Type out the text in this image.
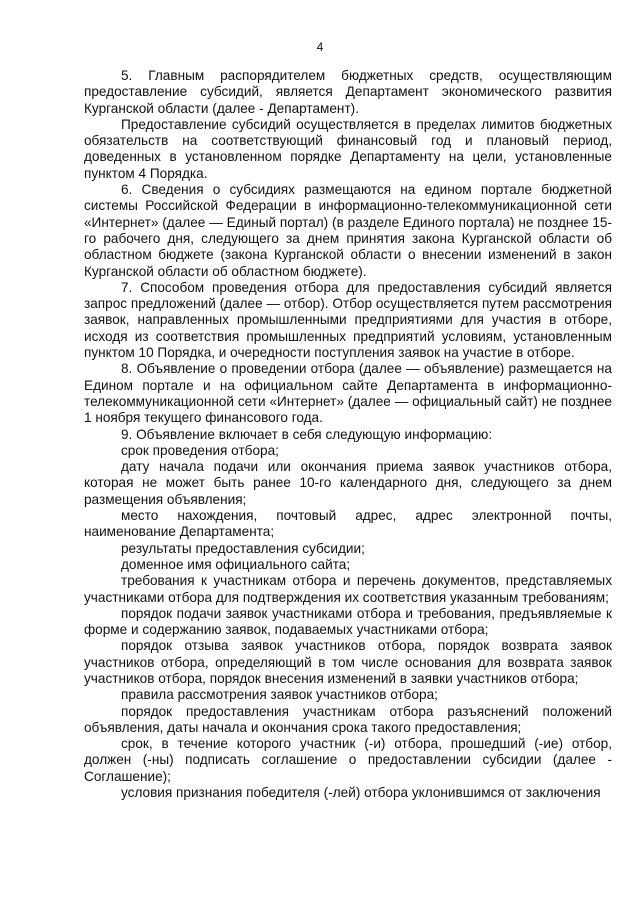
4

5. Главным распорядителем бюджетных средств, осуществляющим предоставление субсидий, является Департамент экономического развития Курганской области (далее - Департамент).

Предоставление субсидий осуществляется в пределах лимитов бюджетных обязательств на соответствующий финансовый год и плановый период, доведенных в установленном порядке Департаменту на цели, установленные пунктом 4 Порядка.

6. Сведения о субсидиях размещаются на едином портале бюджетной системы Российской Федерации в информационно-телекоммуникационной сети «Интернет» (далее — Единый портал) (в разделе Единого портала) не позднее 15-го рабочего дня, следующего за днем принятия закона Курганской области об областном бюджете (закона Курганской области о внесении изменений в закон Курганской области об областном бюджете).

7. Способом проведения отбора для предоставления субсидий является запрос предложений (далее — отбор). Отбор осуществляется путем рассмотрения заявок, направленных промышленными предприятиями для участия в отборе, исходя из соответствия промышленных предприятий условиям, установленным пунктом 10 Порядка, и очередности поступления заявок на участие в отборе.

8. Объявление о проведении отбора (далее — объявление) размещается на Едином портале и на официальном сайте Департамента в информационно-телекоммуникационной сети «Интернет» (далее — официальный сайт) не позднее 1 ноября текущего финансового года.

9. Объявление включает в себя следующую информацию:

срок проведения отбора;

дату начала подачи или окончания приема заявок участников отбора, которая не может быть ранее 10-го календарного дня, следующего за днем размещения объявления;

место нахождения, почтовый адрес, адрес электронной почты, наименование Департамента;

результаты предоставления субсидии;

доменное имя официального сайта;

требования к участникам отбора и перечень документов, представляемых участниками отбора для подтверждения их соответствия указанным требованиям;

порядок подачи заявок участниками отбора и требования, предъявляемые к форме и содержанию заявок, подаваемых участниками отбора;

порядок отзыва заявок участников отбора, порядок возврата заявок участников отбора, определяющий в том числе основания для возврата заявок участников отбора, порядок внесения изменений в заявки участников отбора;

правила рассмотрения заявок участников отбора;

порядок предоставления участникам отбора разъяснений положений объявления, даты начала и окончания срока такого предоставления;

срок, в течение которого участник (-и) отбора, прошедший (-ие) отбор, должен (-ны) подписать соглашение о предоставлении субсидии (далее - Соглашение);

условия признания победителя (-лей) отбора уклонившимся от заключения
